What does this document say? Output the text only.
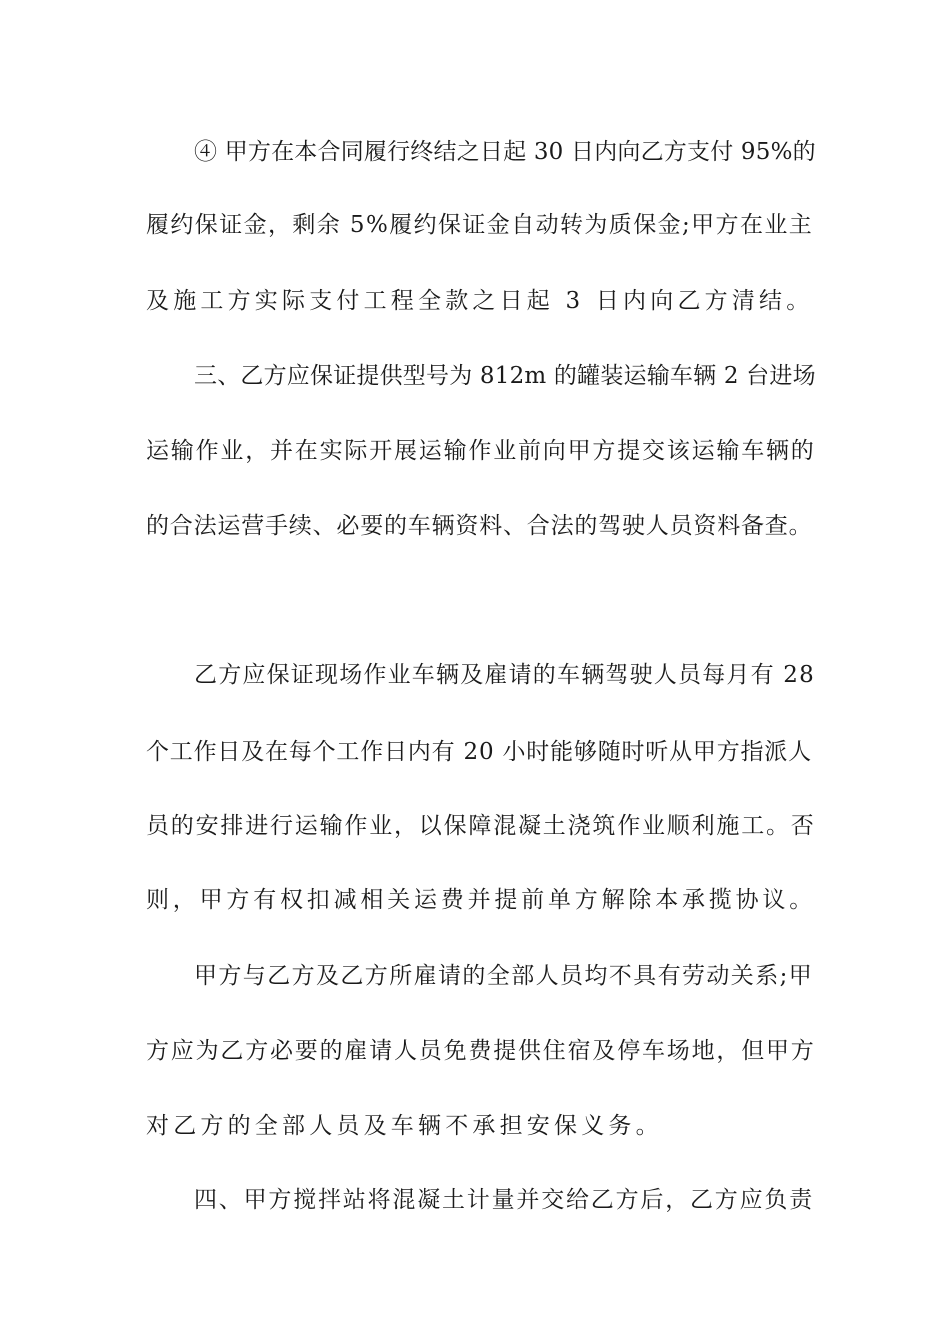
④ 甲方在本合同履行终结之日起 30 日内向乙方支付 95%的
履约保证金，剩余 5%履约保证金自动转为质保金;甲方在业主
及施工方实际支付工程全款之日起 3 日内向乙方清结。
三、乙方应保证提供型号为 812m 的罐装运输车辆 2 台进场
运输作业，并在实际开展运输作业前向甲方提交该运输车辆的
的合法运营手续、必要的车辆资料、合法的驾驶人员资料备查。
乙方应保证现场作业车辆及雇请的车辆驾驶人员每月有 28
个工作日及在每个工作日内有 20 小时能够随时听从甲方指派人
员的安排进行运输作业，以保障混凝土浇筑作业顺利施工。否
则，甲方有权扣减相关运费并提前单方解除本承揽协议。
甲方与乙方及乙方所雇请的全部人员均不具有劳动关系;甲
方应为乙方必要的雇请人员免费提供住宿及停车场地，但甲方
对乙方的全部人员及车辆不承担安保义务。
四、甲方搅拌站将混凝土计量并交给乙方后，乙方应负责
